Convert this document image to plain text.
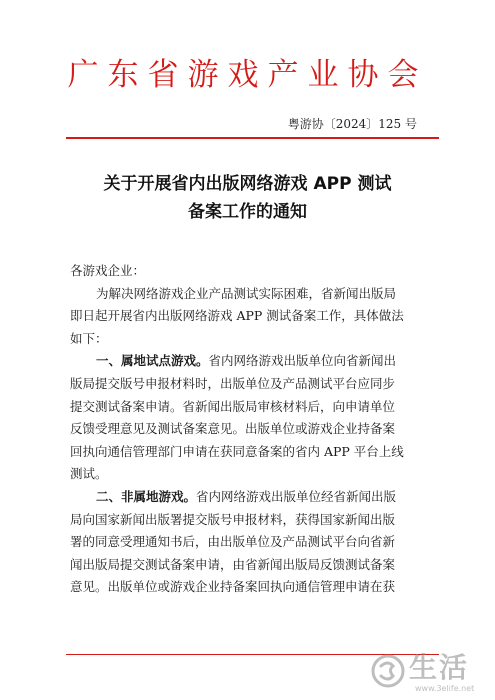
广东省游戏产业协会
粤游协〔2024〕125 号
关于开展省内出版网络游戏 APP 测试
备案工作的通知
各游戏企业：
为解决网络游戏企业产品测试实际困难，省新闻出版局
即日起开展省内出版网络游戏 APP 测试备案工作，具体做法
如下：
一、属地试点游戏。省内网络游戏出版单位向省新闻出
版局提交版号申报材料时，出版单位及产品测试平台应同步
提交测试备案申请。省新闻出版局审核材料后，向申请单位
反馈受理意见及测试备案意见。出版单位或游戏企业持备案
回执向通信管理部门申请在获同意备案的省内 APP 平台上线
测试。
二、非属地游戏。省内网络游戏出版单位经省新闻出版
局向国家新闻出版署提交版号申报材料，获得国家新闻出版
署的同意受理通知书后，由出版单位及产品测试平台向省新
闻出版局提交测试备案申请，由省新闻出版局反馈测试备案
意见。出版单位或游戏企业持备案回执向通信管理申请在获
生活
www.3elife.net
